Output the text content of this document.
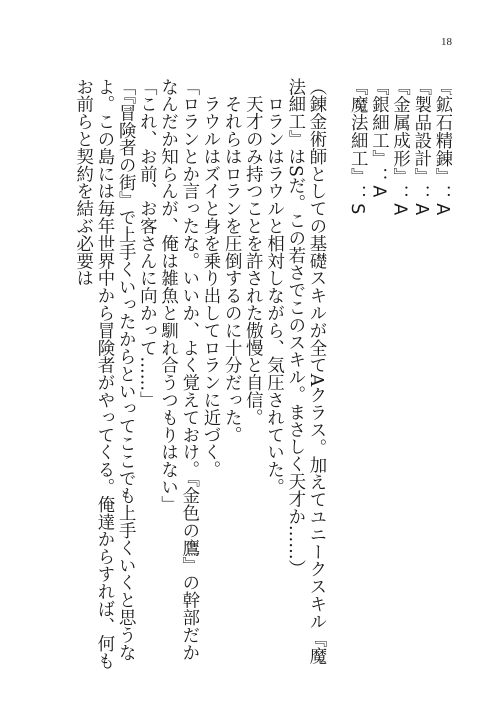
18
『鉱石精錬』：A
『製品設計』：A
『金属成形』：A
『銀細工』：A
『魔法細工』：S
（錬金術師としての基礎スキルが全てAクラス。加えてユニークスキル『魔法細工』はSだ。この若さでこのスキル。まさしく天才か……）
　ロランはラウルと相対しながら、気圧されていた。
　天才のみ持つことを許された傲慢と自信。
　それらはロランを圧倒するのに十分だった。
　ラウルはズイと身を乗り出してロランに近づく。
「ロランとか言ったな。いいか、よく覚えておけ。『金色の鷹』の幹部だかなんだか知らんが、俺は雑魚と馴れ合うつもりはない」
「これ、お前、お客さんに向かって……」
「『冒険者の街』で上手くいったからといってここでも上手くいくと思うなよ。この島には毎年世界中から冒険者がやってくる。俺達からすれば、何もお前らと契約を結ぶ必要は
